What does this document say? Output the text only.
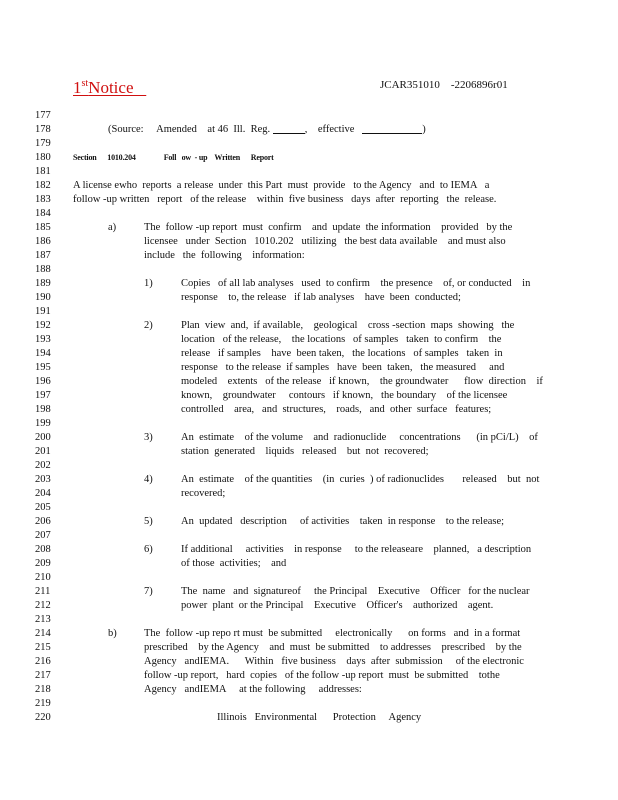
1stNotice	JCAR351010    -2206896r01
177
178
179
180
181
182
183
184
185
186
187
188
189
190
191
192
193
194
195
196
197
198
199
200
201
202
203
204
205
206
207
208
209
210
211
212
213
214
215
216
217
218
219
220
(Source:     Amended    at 46  Ill.  Reg.	,    effective	)
Section      1010.204	Foll   ow  - up    Written      Report
A license ewho  reports  a release  under  this Part  must  provide   to the Agency   and  to IEMA   a
follow -up written   report   of the release    within  five business   days  after  reporting   the  release.
a)	The  follow -up report  must  confirm    and  update  the information    provided   by the
licensee   under  Section   1010.202   utilizing   the best data available    and must also
include   the  following    information:
1)	Copies   of all lab analyses   used  to confirm    the presence    of, or conducted    in
response    to, the release   if lab analyses    have  been  conducted;
2)	Plan  view  and,  if available,    geological    cross -section  maps  showing   the
location   of the release,    the locations   of samples   taken  to confirm    the
release   if samples    have  been taken,   the locations   of samples   taken  in
response   to the release  if samples   have  been  taken,   the measured     and
modeled    extents   of the release   if known,    the groundwater      flow  direction    if
known,    groundwater     contours   if known,   the boundary    of the licensee
controlled    area,   and  structures,    roads,   and  other  surface   features;
3)	An  estimate    of the volume    and  radionuclide     concentrations      (in pCi/L)    of
station  generated    liquids   released    but  not  recovered;
4)	An  estimate    of the quantities    (in  curies  ) of radionuclides       released    but  not
recovered;
5)	An  updated   description     of activities    taken  in response    to the release;
6)	If additional     activities    in response     to the releaseare    planned,   a description
of those  activities;    and
7)	The  name   and  signatureof     the Principal    Executive    Officer   for the nuclear
power  plant  or the Principal    Executive    Officer's    authorized    agent.
b)	The  follow -up repo rt must  be submitted     electronically      on forms   and  in a format
prescribed    by the Agency    and  must  be submitted    to addresses    prescribed    by the
Agency   andIEMA.      Within   five business    days  after  submission     of the electronic
follow -up report,   hard  copies   of the follow -up report  must  be submitted    tothe
Agency   andIEMA     at the following     addresses:
Illinois   Environmental      Protection     Agency
